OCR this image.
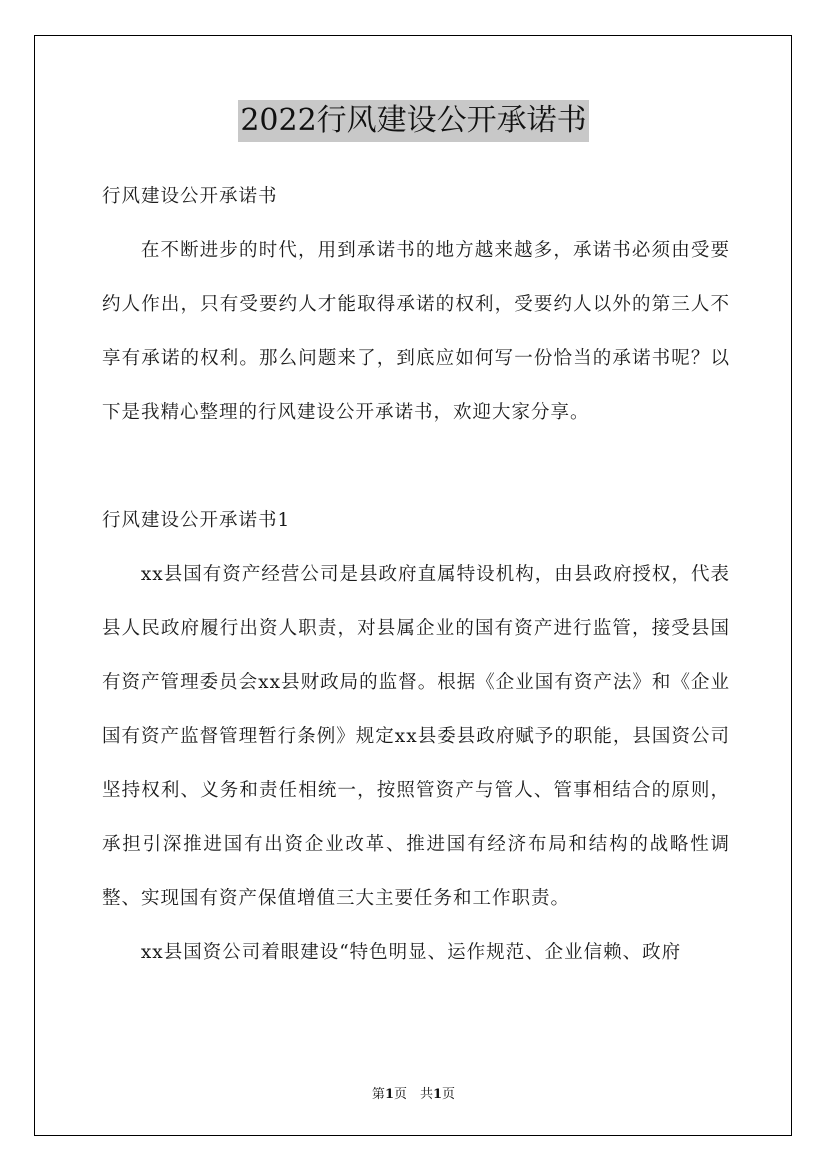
2022行风建设公开承诺书

行风建设公开承诺书

在不断进步的时代，用到承诺书的地方越来越多，承诺书必须由受要约人作出，只有受要约人才能取得承诺的权利，受要约人以外的第三人不享有承诺的权利。那么问题来了，到底应如何写一份恰当的承诺书呢？以下是我精心整理的行风建设公开承诺书，欢迎大家分享。

行风建设公开承诺书1

xx县国有资产经营公司是县政府直属特设机构，由县政府授权，代表县人民政府履行出资人职责，对县属企业的国有资产进行监管，接受县国有资产管理委员会xx县财政局的监督。根据《企业国有资产法》和《企业国有资产监督管理暂行条例》规定xx县委县政府赋予的职能，县国资公司坚持权利、义务和责任相统一，按照管资产与管人、管事相结合的原则，承担引深推进国有出资企业改革、推进国有经济布局和结构的战略性调整、实现国有资产保值增值三大主要任务和工作职责。

xx县国资公司着眼建设“特色明显、运作规范、企业信赖、政府

第1页　共1页
